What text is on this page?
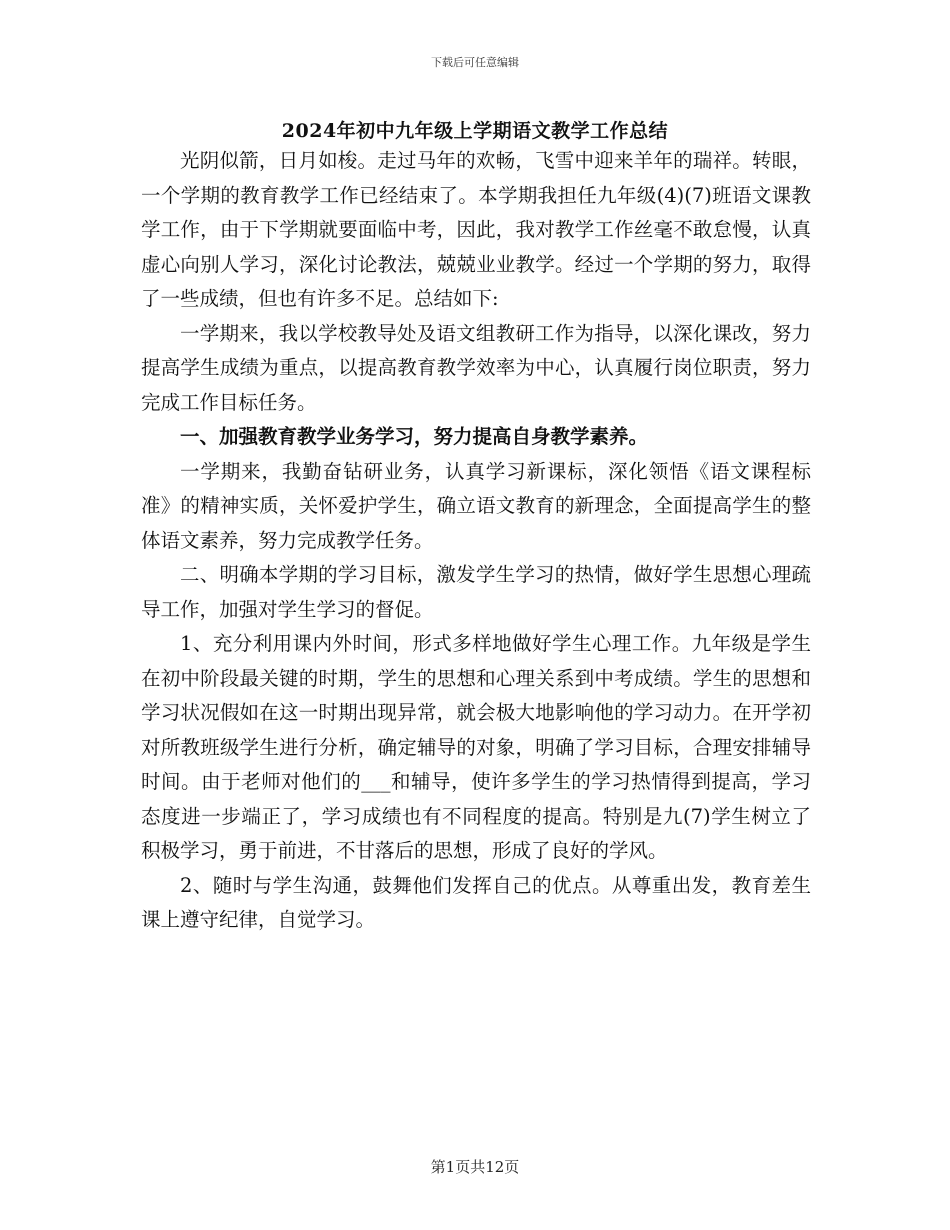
下载后可任意编辑
2024年初中九年级上学期语文教学工作总结

光阴似箭，日月如梭。走过马年的欢畅，飞雪中迎来羊年的瑞祥。转眼，一个学期的教育教学工作已经结束了。本学期我担任九年级(4)(7)班语文课教学工作，由于下学期就要面临中考，因此，我对教学工作丝毫不敢怠慢，认真虚心向别人学习，深化讨论教法，兢兢业业教学。经过一个学期的努力，取得了一些成绩，但也有许多不足。总结如下:

一学期来，我以学校教导处及语文组教研工作为指导，以深化课改，努力提高学生成绩为重点，以提高教育教学效率为中心，认真履行岗位职责，努力完成工作目标任务。

一、加强教育教学业务学习，努力提高自身教学素养。

一学期来，我勤奋钻研业务，认真学习新课标，深化领悟《语文课程标准》的精神实质，关怀爱护学生，确立语文教育的新理念，全面提高学生的整体语文素养，努力完成教学任务。

二、明确本学期的学习目标，激发学生学习的热情，做好学生思想心理疏导工作，加强对学生学习的督促。

1、充分利用课内外时间，形式多样地做好学生心理工作。九年级是学生在初中阶段最关键的时期，学生的思想和心理关系到中考成绩。学生的思想和学习状况假如在这一时期出现异常，就会极大地影响他的学习动力。在开学初对所教班级学生进行分析，确定辅导的对象，明确了学习目标，合理安排辅导时间。由于老师对他们的___和辅导，使许多学生的学习热情得到提高，学习态度进一步端正了，学习成绩也有不同程度的提高。特别是九(7)学生树立了积极学习，勇于前进，不甘落后的思想，形成了良好的学风。

2、随时与学生沟通，鼓舞他们发挥自己的优点。从尊重出发，教育差生课上遵守纪律，自觉学习。

第1页共12页
